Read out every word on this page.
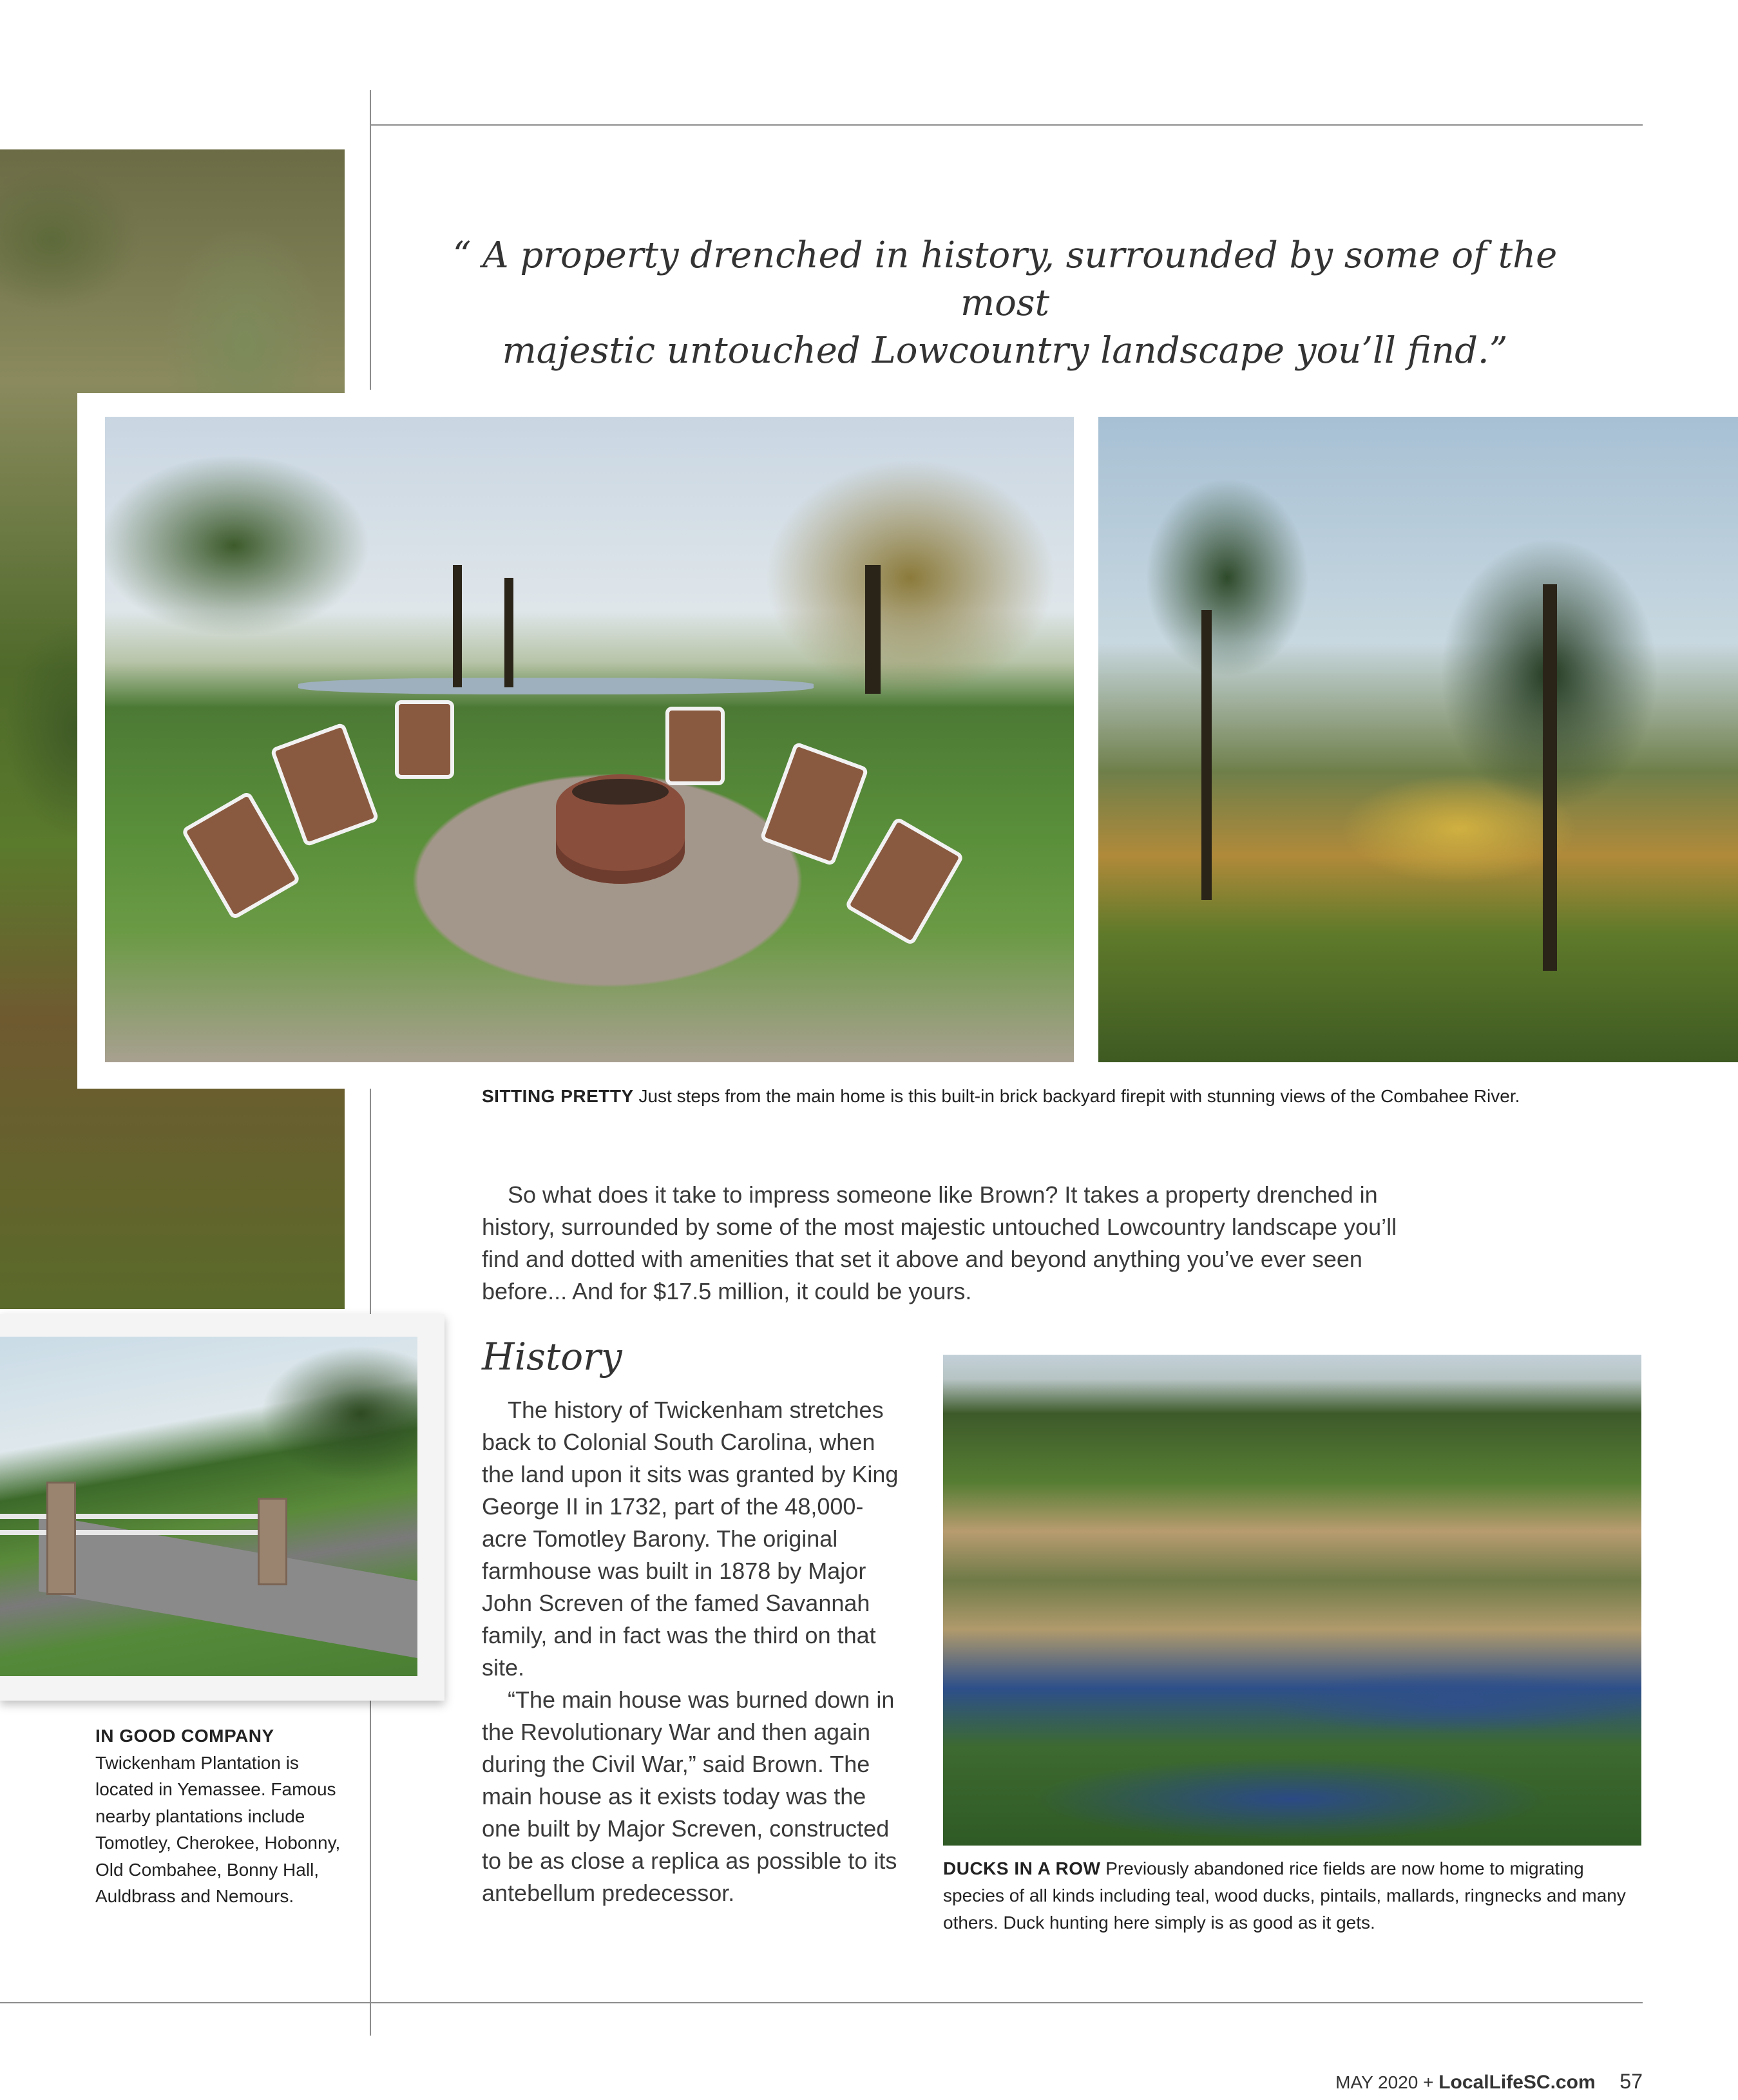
“ A property drenched in history, surrounded by some of the most
majestic untouched Lowcountry landscape you’ll find.”
SITTING PRETTY Just steps from the main home is this built-in brick backyard firepit with stunning views of the Combahee River.

So what does it take to impress someone like Brown? It takes a property drenched in history, surrounded by some of the most majestic untouched Lowcountry landscape you’ll find and dotted with amenities that set it above and beyond anything you’ve ever seen before... And for $17.5 million, it could be yours.

History

The history of Twickenham stretches back to Colonial South Carolina, when the land upon it sits was granted by King George II in 1732, part of the 48,000-acre Tomotley Barony. The original farmhouse was built in 1878 by Major John Screven of the famed Savannah family, and in fact was the third on that site.

“The main house was burned down in the Revolutionary War and then again during the Civil War,” said Brown. The main house as it exists today was the one built by Major Screven, constructed to be as close a replica as possible to its antebellum predecessor.

IN GOOD COMPANY
Twickenham Plantation is located in Yemassee. Famous nearby plantations include Tomotley, Cherokee, Hobonny, Old Combahee, Bonny Hall, Auldbrass and Nemours.
DUCKS IN A ROW Previously abandoned rice fields are now home to migrating species of all kinds including teal, wood ducks, pintails, mallards, ringnecks and many others. Duck hunting here simply is as good as it gets.
MAY 2020 + LocalLifeSC.com 57
